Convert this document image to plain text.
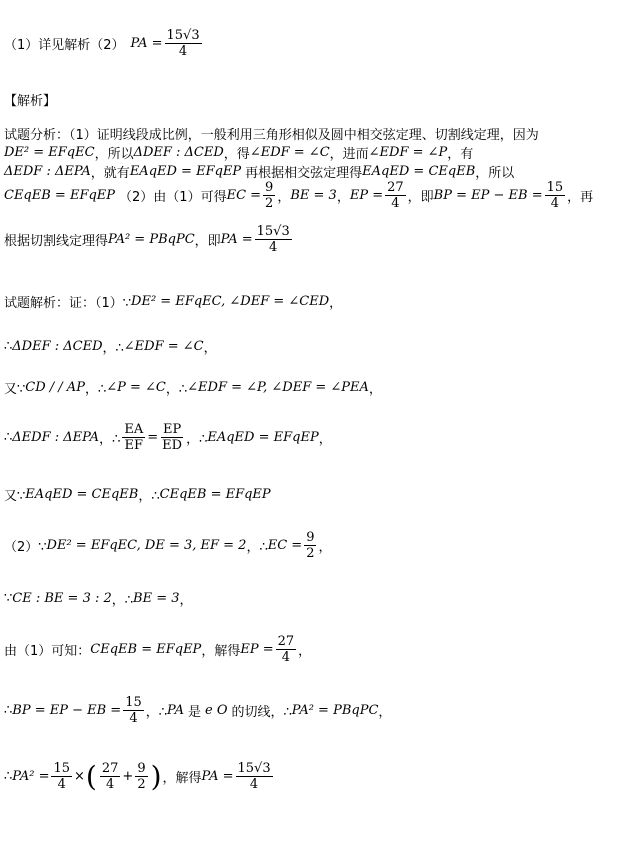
（1）详见解析（2） PA = $\frac{15√3}{4}$
【解析】
试题分析：（1）证明线段成比例，一般利用三角形相似及圆中相交弦定理、切割线定理，因为
DE² = EFqEC ，所以 ΔDEF : ΔCED ，得 ∠EDF = ∠C ，进而 ∠EDF = ∠P ，有
ΔEDF : ΔEPA ，就有 EAqED = EFqEP 再根据相交弦定理得 EAqED = CEqEB ，所以
CEqEB = EFqEP （2）由（1）可得 EC = $\frac{9}{2}$ ， BE = 3 ， EP = $\frac{27}{4}$ ，即 BP = EP − EB = $\frac{15}{4}$ ，再
根据切割线定理得 PA² = PBqPC ，即 PA = $\frac{15√3}{4}$
试题解析：证：（1）∵ DE² = EFqEC, ∠DEF = ∠CED ，
∴ ΔDEF : ΔCED ，∴ ∠EDF = ∠C ，
又∵ CD / / AP ，∴ ∠P = ∠C ，∴ ∠EDF = ∠P, ∠DEF = ∠PEA ，
∴ ΔEDF : ΔEPA ，∴ $\frac{EA}{EF} = \frac{EP}{ED}$ ，∴ EAqED = EFqEP ，
又∵ EAqED = CEqEB ，∴ CEqEB = EFqEP
（2）∵ DE² = EFqEC, DE = 3, EF = 2 ，∴ EC = $\frac{9}{2}$ ，
∵ CE : BE = 3 : 2 ，∴ BE = 3 ，
由（1）可知： CEqEB = EFqEP ，解得 EP = $\frac{27}{4}$ ，
∴ BP = EP − EB = $\frac{15}{4}$ ，∴ PA 是 e O 的切线，∴ PA² = PBqPC ，
∴ $PA^2 = \frac{15}{4}$ × ( $\frac{27}{4} + \frac{9}{2}$ ) ，解得 PA = $\frac{15√3}{4}$
